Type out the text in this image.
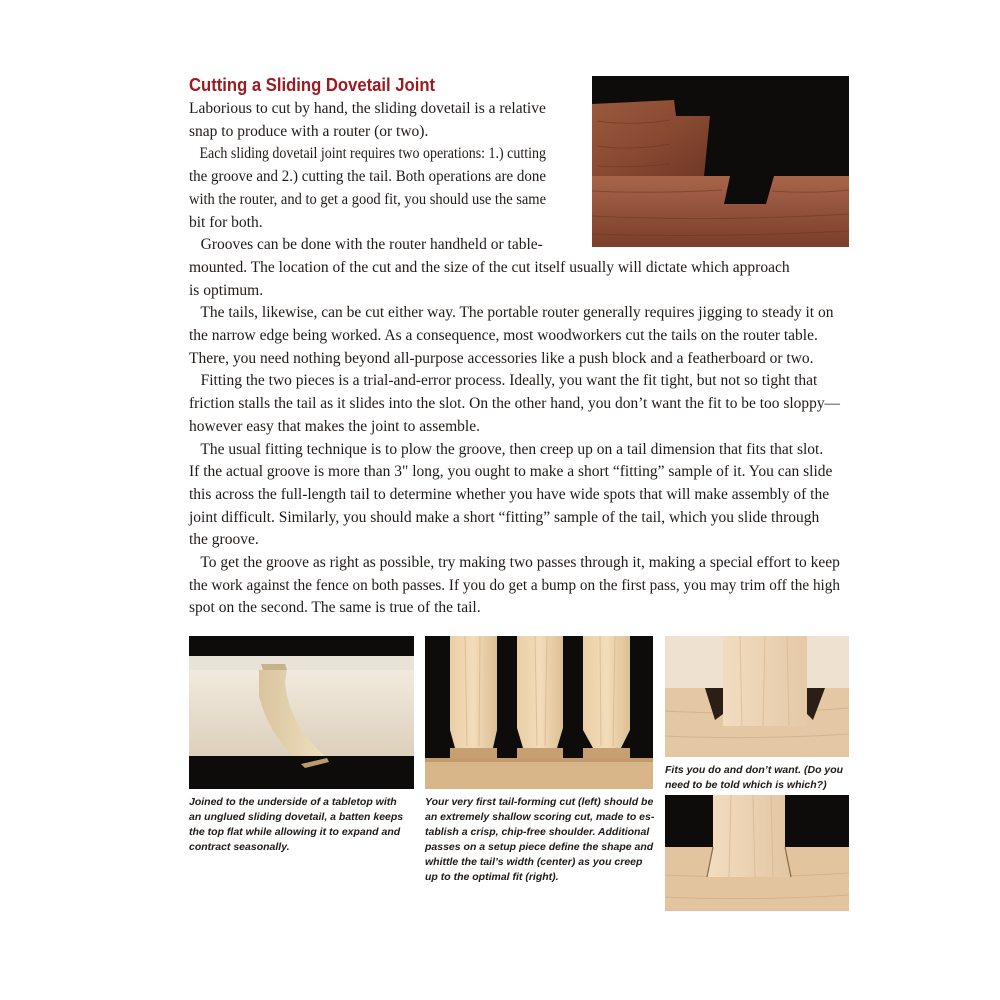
Cutting a Sliding Dovetail Joint
Laborious to cut by hand, the sliding dovetail is a relative
snap to produce with a router (or two).
Each sliding dovetail joint requires two operations: 1.) cutting
the groove and 2.) cutting the tail. Both operations are done
with the router, and to get a good fit, you should use the same
bit for both.
Grooves can be done with the router handheld or table-
mounted. The location of the cut and the size of the cut itself usually will dictate which approach
is optimum.
The tails, likewise, can be cut either way. The portable router generally requires jigging to steady it on
the narrow edge being worked. As a consequence, most woodworkers cut the tails on the router table.
There, you need nothing beyond all-purpose accessories like a push block and a featherboard or two.
Fitting the two pieces is a trial-and-error process. Ideally, you want the fit tight, but not so tight that
friction stalls the tail as it slides into the slot. On the other hand, you don’t want the fit to be too sloppy—
however easy that makes the joint to assemble.
The usual fitting technique is to plow the groove, then creep up on a tail dimension that fits that slot.
If the actual groove is more than 3" long, you ought to make a short “fitting” sample of it. You can slide
this across the full-length tail to determine whether you have wide spots that will make assembly of the
joint difficult. Similarly, you should make a short “fitting” sample of the tail, which you slide through
the groove.
To get the groove as right as possible, try making two passes through it, making a special effort to keep
the work against the fence on both passes. If you do get a bump on the first pass, you may trim off the high
spot on the second. The same is true of the tail.
Joined to the underside of a tabletop with
an unglued sliding dovetail, a batten keeps
the top flat while allowing it to expand and
contract seasonally.
Your very first tail-forming cut (left) should be
an extremely shallow scoring cut, made to es-
tablish a crisp, chip-free shoulder. Additional
passes on a setup piece define the shape and
whittle the tail’s width (center) as you creep
up to the optimal fit (right).
Fits you do and don’t want. (Do you
need to be told which is which?)
